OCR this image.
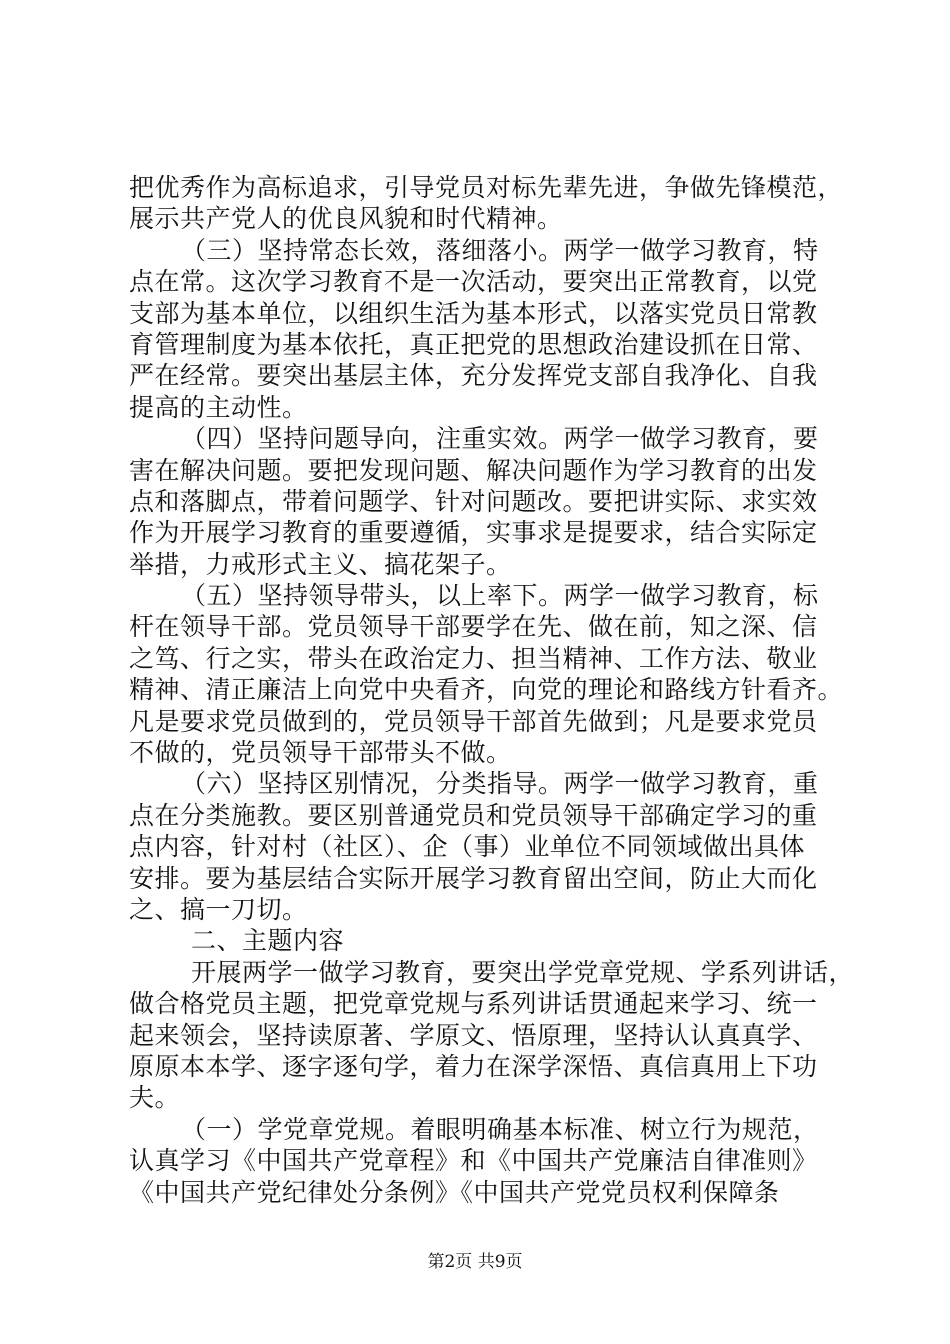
把优秀作为高标追求，引导党员对标先辈先进，争做先锋模范，
展示共产党人的优良风貌和时代精神。
（三）坚持常态长效，落细落小。两学一做学习教育，特
点在常。这次学习教育不是一次活动，要突出正常教育，以党
支部为基本单位，以组织生活为基本形式，以落实党员日常教
育管理制度为基本依托，真正把党的思想政治建设抓在日常、
严在经常。要突出基层主体，充分发挥党支部自我净化、自我
提高的主动性。
（四）坚持问题导向，注重实效。两学一做学习教育，要
害在解决问题。要把发现问题、解决问题作为学习教育的出发
点和落脚点，带着问题学、针对问题改。要把讲实际、求实效
作为开展学习教育的重要遵循，实事求是提要求，结合实际定
举措，力戒形式主义、搞花架子。
（五）坚持领导带头，以上率下。两学一做学习教育，标
杆在领导干部。党员领导干部要学在先、做在前，知之深、信
之笃、行之实，带头在政治定力、担当精神、工作方法、敬业
精神、清正廉洁上向党中央看齐，向党的理论和路线方针看齐。
凡是要求党员做到的，党员领导干部首先做到；凡是要求党员
不做的，党员领导干部带头不做。
（六）坚持区别情况，分类指导。两学一做学习教育，重
点在分类施教。要区别普通党员和党员领导干部确定学习的重
点内容，针对村（社区）、企（事）业单位不同领域做出具体
安排。要为基层结合实际开展学习教育留出空间，防止大而化
之、搞一刀切。
二、主题内容
开展两学一做学习教育，要突出学党章党规、学系列讲话，
做合格党员主题，把党章党规与系列讲话贯通起来学习、统一
起来领会，坚持读原著、学原文、悟原理，坚持认认真真学、
原原本本学、逐字逐句学，着力在深学深悟、真信真用上下功
夫。
（一）学党章党规。着眼明确基本标准、树立行为规范，
认真学习《中国共产党章程》和《中国共产党廉洁自律准则》
《中国共产党纪律处分条例》《中国共产党党员权利保障条
第2页 共9页
